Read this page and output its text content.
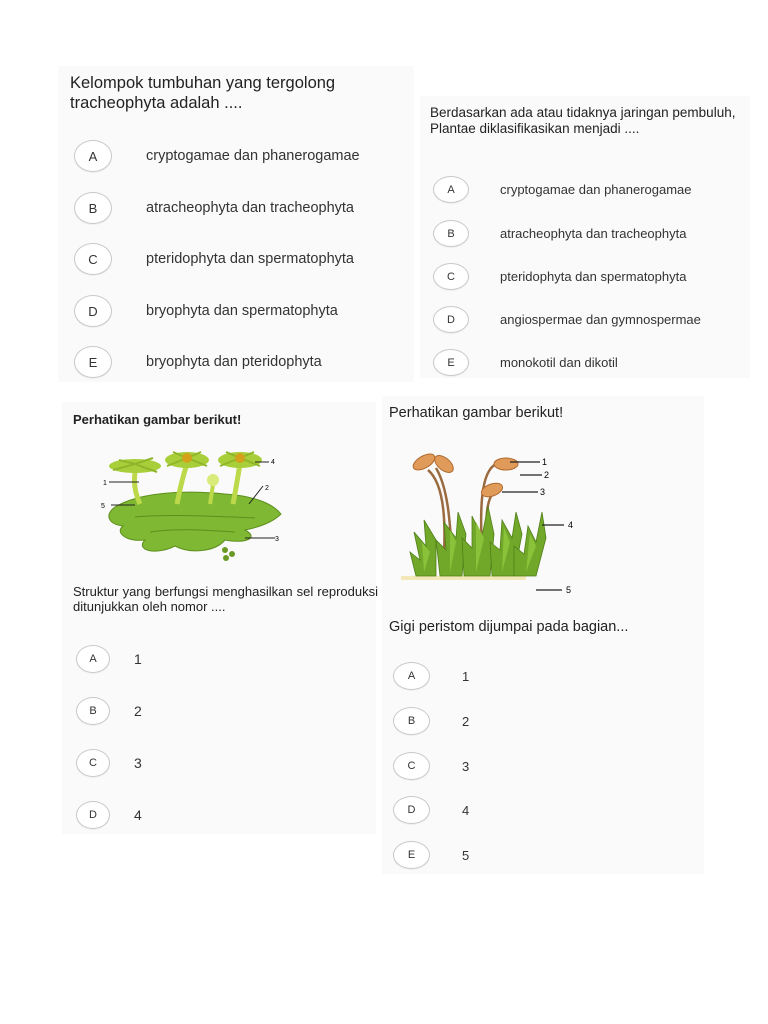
Kelompok tumbuhan yang tergolong tracheophyta adalah ....

A	cryptogamae dan phanerogamae
B	atracheophyta dan tracheophyta
C	pteridophyta dan spermatophyta
D	bryophyta dan spermatophyta
E	bryophyta dan pteridophyta

Berdasarkan ada atau tidaknya jaringan pembuluh, Plantae diklasifikasikan menjadi ....

A	cryptogamae dan phanerogamae
B	atracheophyta dan tracheophyta
C	pteridophyta dan spermatophyta
D	angiospermae dan gymnospermae
E	monokotil dan dikotil

Perhatikan gambar berikut!

1
2
3
4
5

Struktur yang berfungsi menghasilkan sel reproduksi ditunjukkan oleh nomor ....

A	1
B	2
C	3
D	4

Perhatikan gambar berikut!

1
2
3
4
5

Gigi peristom dijumpai pada bagian...

A	1
B	2
C	3
D	4
E	5
